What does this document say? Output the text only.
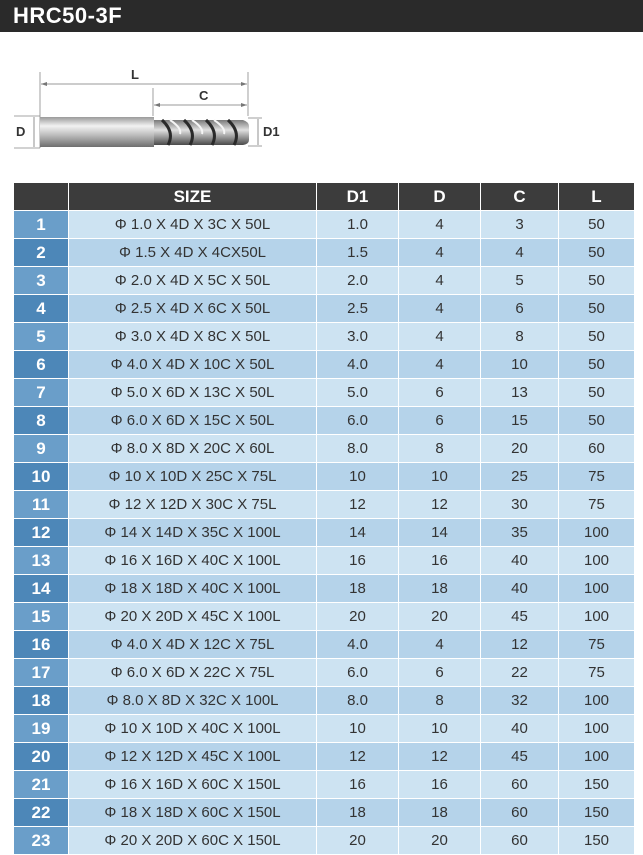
HRC50-3F
L
C
D	D1
	SIZE	D1	D	C	L
1	Φ 1.0 X 4D X 3C X 50L	1.0	4	3	50
2	Φ 1.5 X 4D X 4CX50L	1.5	4	4	50
3	Φ 2.0 X 4D X 5C X 50L	2.0	4	5	50
4	Φ 2.5 X 4D X 6C X 50L	2.5	4	6	50
5	Φ 3.0 X 4D X 8C X 50L	3.0	4	8	50
6	Φ 4.0 X 4D X 10C X 50L	4.0	4	10	50
7	Φ 5.0 X 6D X 13C X 50L	5.0	6	13	50
8	Φ 6.0 X 6D X 15C X 50L	6.0	6	15	50
9	Φ 8.0 X 8D X 20C X 60L	8.0	8	20	60
10	Φ 10 X 10D X 25C X 75L	10	10	25	75
11	Φ 12 X 12D X 30C X 75L	12	12	30	75
12	Φ 14 X 14D X 35C X 100L	14	14	35	100
13	Φ 16 X 16D X 40C X 100L	16	16	40	100
14	Φ 18 X 18D X 40C X 100L	18	18	40	100
15	Φ 20 X 20D X 45C X 100L	20	20	45	100
16	Φ 4.0 X 4D X 12C X 75L	4.0	4	12	75
17	Φ 6.0 X 6D X 22C X 75L	6.0	6	22	75
18	Φ 8.0 X 8D X 32C X 100L	8.0	8	32	100
19	Φ 10 X 10D X 40C X 100L	10	10	40	100
20	Φ 12 X 12D X 45C X 100L	12	12	45	100
21	Φ 16 X 16D X 60C X 150L	16	16	60	150
22	Φ 18 X 18D X 60C X 150L	18	18	60	150
23	Φ 20 X 20D X 60C X 150L	20	20	60	150
